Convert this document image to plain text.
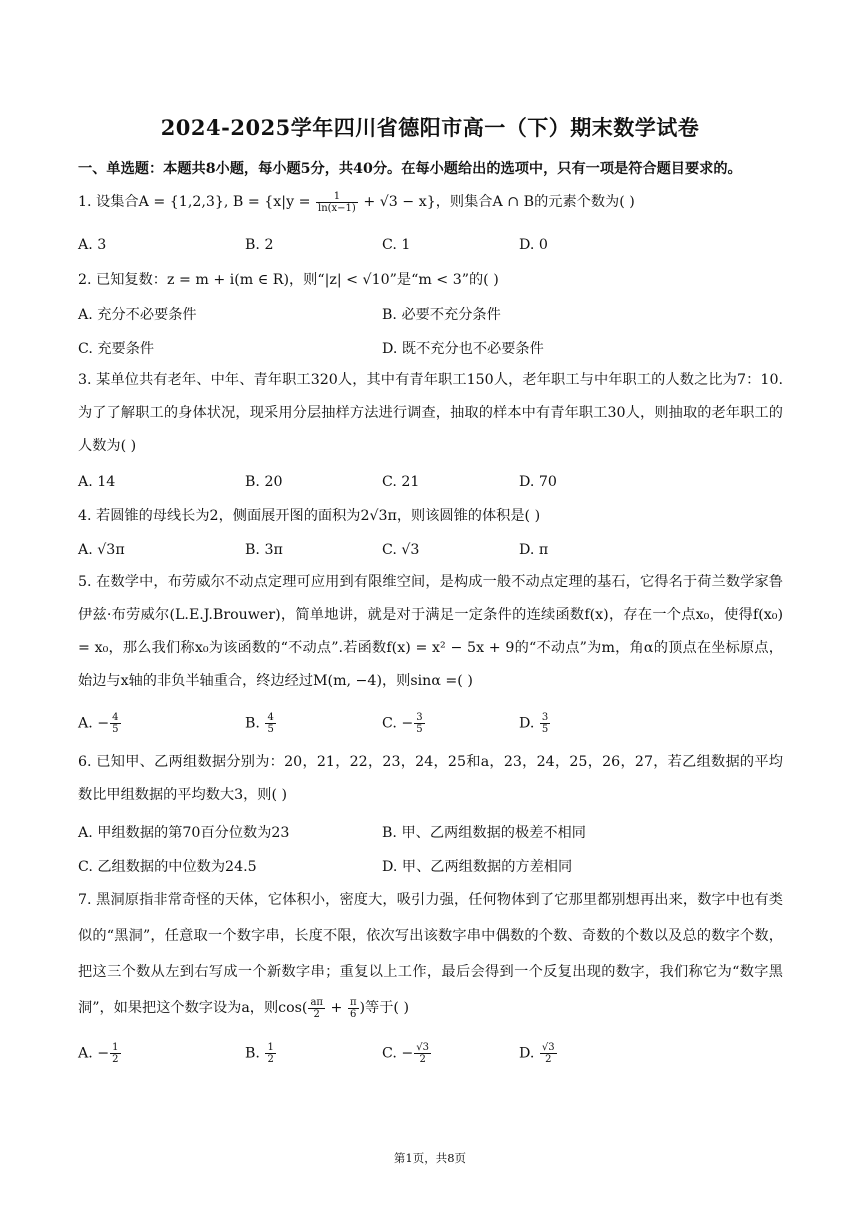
2024-2025学年四川省德阳市高一（下）期末数学试卷
一、单选题：本题共8小题，每小题5分，共40分。在每小题给出的选项中，只有一项是符合题目要求的。
1. 设集合A = {1,2,3}, $B = \{x|y = \frac{1}{\ln(x-1)} + √3 - x\}$，则集合A ∩ B的元素个数为( )
A. 3	B. 2	C. 1	D. 0
2. 已知复数：z = m + i(m ∈ R)，则“|z| < √10”是“m < 3”的( )
A. 充分不必要条件	B. 必要不充分条件
C. 充要条件	D. 既不充分也不必要条件
3. 某单位共有老年、中年、青年职工320人，其中有青年职工150人，老年职工与中年职工的人数之比为7：10.为了了解职工的身体状况，现采用分层抽样方法进行调查，抽取的样本中有青年职工30人，则抽取的老年职工的人数为( )
A. 14	B. 20	C. 21	D. 70
4. 若圆锥的母线长为2，侧面展开图的面积为2√3π，则该圆锥的体积是( )
A. √3π	B. 3π	C. √3	D. π
5. 在数学中，布劳威尔不动点定理可应用到有限维空间，是构成一般不动点定理的基石，它得名于荷兰数学家鲁伊兹·布劳威尔(L.E.J.Brouwer)，简单地讲，就是对于满足一定条件的连续函数f(x)，存在一个点x₀，使得f(x₀) = x₀，那么我们称x₀为该函数的“不动点”.若函数f(x) = x² − 5x + 9的“不动点”为m，角α的顶点在坐标原点，始边与x轴的非负半轴重合，终边经过M(m, −4)，则sinα =( )
A. − $\frac{4}{5}$	B. $\frac{4}{5}$	C. − $\frac{3}{5}$	D. $\frac{3}{5}$
6. 已知甲、乙两组数据分别为：20，21，22，23，24，25和a，23，24，25，26，27，若乙组数据的平均数比甲组数据的平均数大3，则( )
A. 甲组数据的第70百分位数为23	B. 甲、乙两组数据的极差不相同
C. 乙组数据的中位数为24.5	D. 甲、乙两组数据的方差相同
7. 黑洞原指非常奇怪的天体，它体积小，密度大，吸引力强，任何物体到了它那里都别想再出来，数字中也有类似的“黑洞”，任意取一个数字串，长度不限，依次写出该数字串中偶数的个数、奇数的个数以及总的数字个数，把这三个数从左到右写成一个新数字串；重复以上工作，最后会得到一个反复出现的数字，我们称它为“数字黑洞”，如果把这个数字设为a，则$\cos( \frac{a\pi}{2} + \frac{\pi}{6}$ )等于( )
A. − $\frac{1}{2}$	B. $\frac{1}{2}$	C. − $\frac{√3}{2}$	D. $\frac{√3}{2}$
第1页，共8页
